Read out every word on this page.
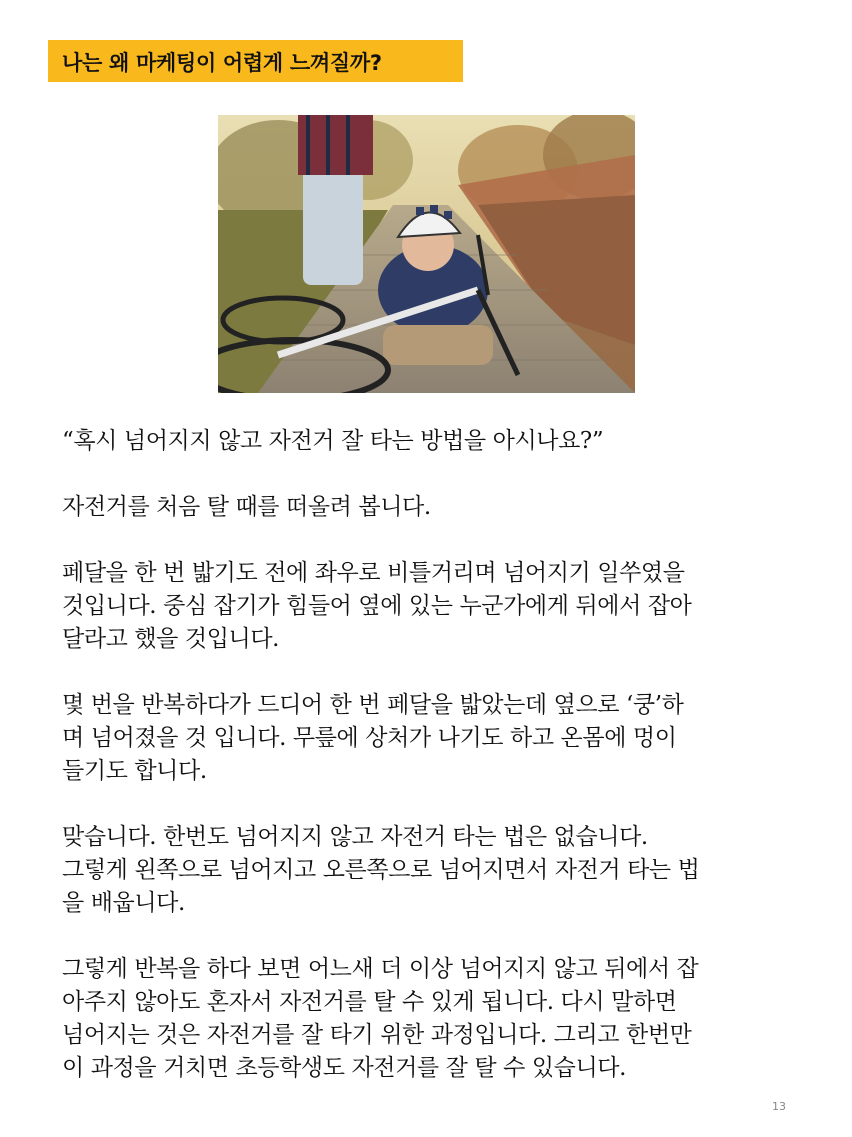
나는 왜 마케팅이 어렵게 느껴질까?
“혹시 넘어지지 않고 자전거 잘 타는 방법을 아시나요?”
자전거를 처음 탈 때를 떠올려 봅니다.
페달을 한 번 밟기도 전에 좌우로 비틀거리며 넘어지기 일쑤였을
것입니다. 중심 잡기가 힘들어 옆에 있는 누군가에게 뒤에서 잡아
달라고 했을 것입니다.
몇 번을 반복하다가 드디어 한 번 페달을 밟았는데 옆으로 ‘쿵’하
며 넘어졌을 것 입니다. 무릎에 상처가 나기도 하고 온몸에 멍이
들기도 합니다.
맞습니다. 한번도 넘어지지 않고 자전거 타는 법은 없습니다.
그렇게 왼쪽으로 넘어지고 오른쪽으로 넘어지면서 자전거 타는 법
을 배웁니다.
그렇게 반복을 하다 보면 어느새 더 이상 넘어지지 않고 뒤에서 잡
아주지 않아도 혼자서 자전거를 탈 수 있게 됩니다. 다시 말하면
넘어지는 것은 자전거를 잘 타기 위한 과정입니다. 그리고 한번만
이 과정을 거치면 초등학생도 자전거를 잘 탈 수 있습니다.
13
